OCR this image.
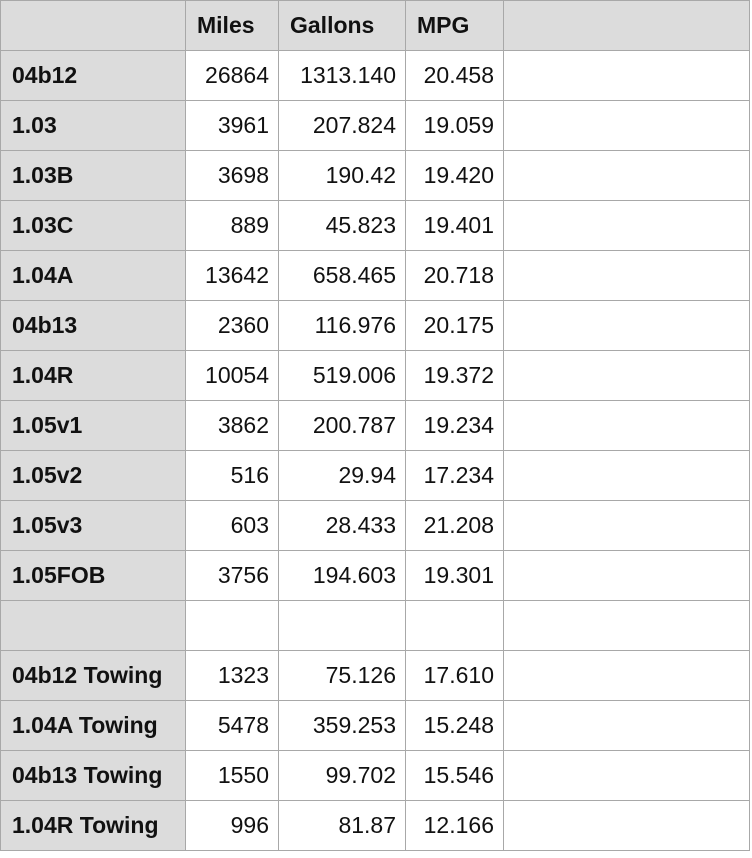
	Miles	Gallons	MPG	
04b12	26864	1313.140	20.458	
1.03	3961	207.824	19.059	
1.03B	3698	190.42	19.420	
1.03C	889	45.823	19.401	
1.04A	13642	658.465	20.718	
04b13	2360	116.976	20.175	
1.04R	10054	519.006	19.372	
1.05v1	3862	200.787	19.234	
1.05v2	516	29.94	17.234	
1.05v3	603	28.433	21.208	
1.05FOB	3756	194.603	19.301	

04b12 Towing	1323	75.126	17.610	
1.04A Towing	5478	359.253	15.248	
04b13 Towing	1550	99.702	15.546	
1.04R Towing	996	81.87	12.166	
